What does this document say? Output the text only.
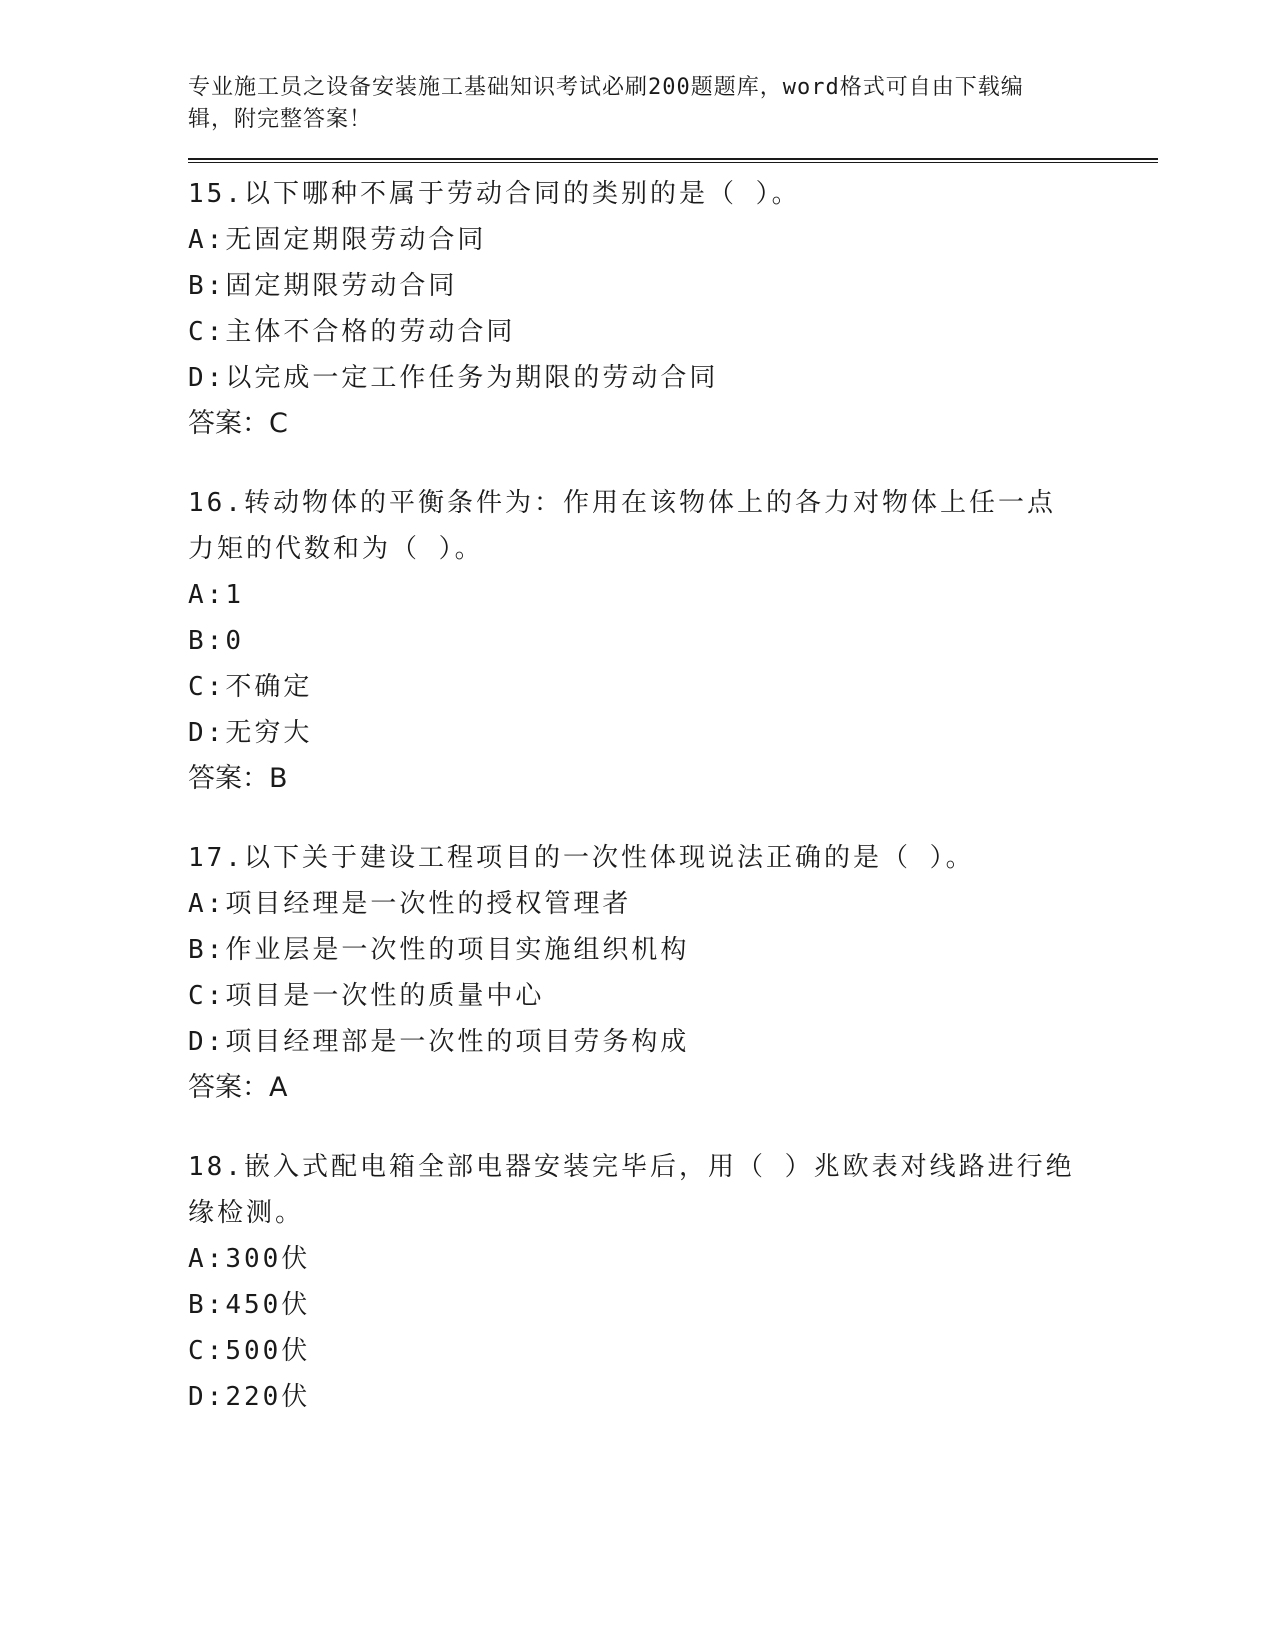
专业施工员之设备安装施工基础知识考试必刷200题题库，word格式可自由下载编辑，附完整答案！
15.以下哪种不属于劳动合同的类别的是（ ）。
A: 无固定期限劳动合同
B: 固定期限劳动合同
C: 主体不合格的劳动合同
D: 以完成一定工作任务为期限的劳动合同
答案：C
16.转动物体的平衡条件为：作用在该物体上的各力对物体上任一点力矩的代数和为（ ）。
A: 1
B: 0
C: 不确定
D: 无穷大
答案：B
17.以下关于建设工程项目的一次性体现说法正确的是（ ）。
A: 项目经理是一次性的授权管理者
B: 作业层是一次性的项目实施组织机构
C: 项目是一次性的质量中心
D: 项目经理部是一次性的项目劳务构成
答案：A
18.嵌入式配电箱全部电器安装完毕后，用（ ）兆欧表对线路进行绝缘检测。
A: 300伏
B: 450伏
C: 500伏
D: 220伏
